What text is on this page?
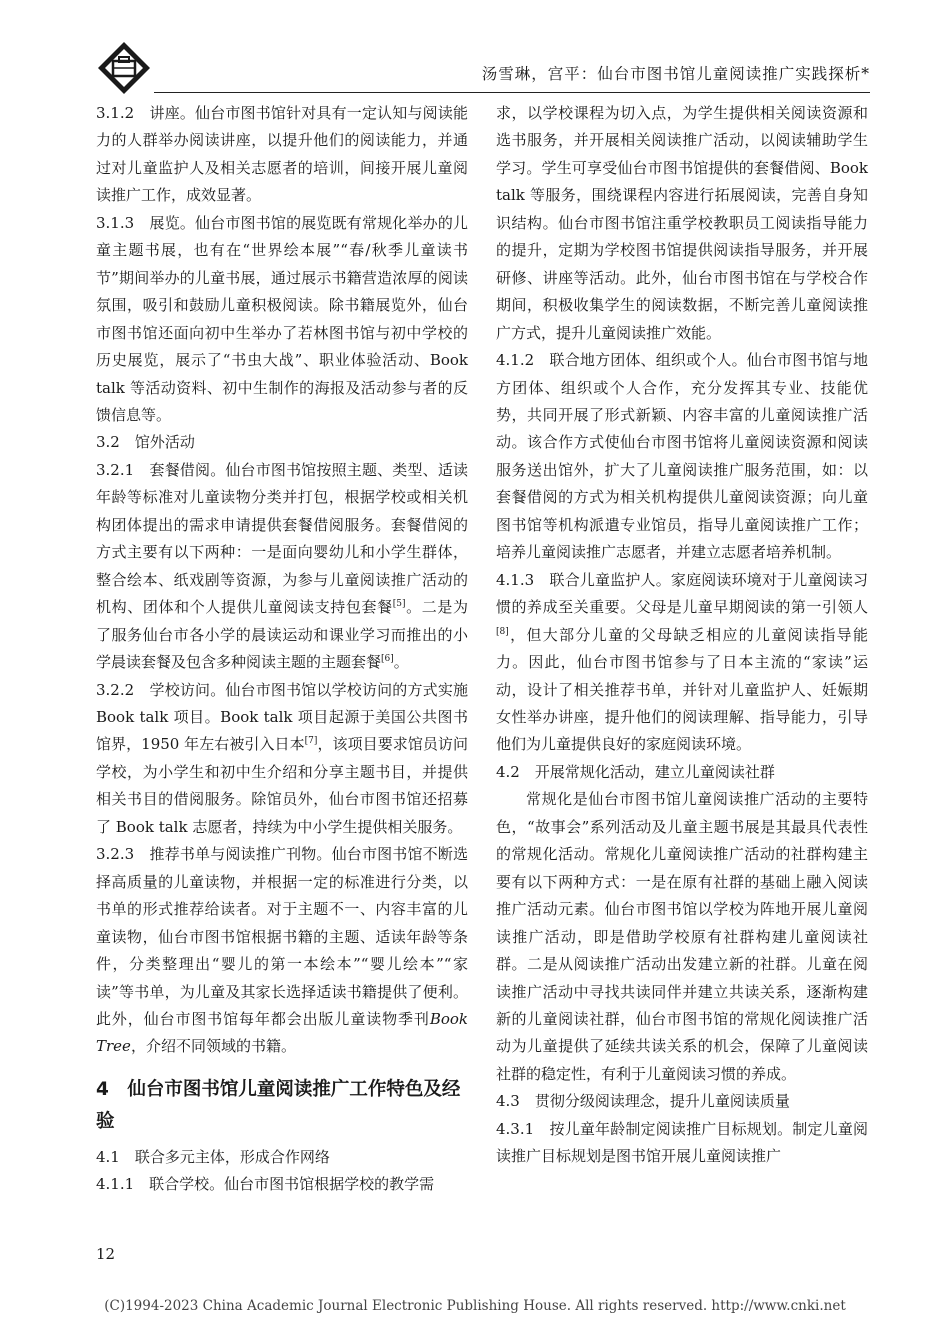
汤雪琳，宫平：仙台市图书馆儿童阅读推广实践探析*

3.1.2　讲座。仙台市图书馆针对具有一定认知与阅读能力的人群举办阅读讲座，以提升他们的阅读能力，并通过对儿童监护人及相关志愿者的培训，间接开展儿童阅读推广工作，成效显著。

3.1.3　展览。仙台市图书馆的展览既有常规化举办的儿童主题书展，也有在“世界绘本展”“春/秋季儿童读书节”期间举办的儿童书展，通过展示书籍营造浓厚的阅读氛围，吸引和鼓励儿童积极阅读。除书籍展览外，仙台市图书馆还面向初中生举办了若林图书馆与初中学校的历史展览，展示了“书虫大战”、职业体验活动、Book talk 等活动资料、初中生制作的海报及活动参与者的反馈信息等。

3.2　馆外活动

3.2.1　套餐借阅。仙台市图书馆按照主题、类型、适读年龄等标准对儿童读物分类并打包，根据学校或相关机构团体提出的需求申请提供套餐借阅服务。套餐借阅的方式主要有以下两种：一是面向婴幼儿和小学生群体，整合绘本、纸戏剧等资源，为参与儿童阅读推广活动的机构、团体和个人提供儿童阅读支持包套餐[5]。二是为了服务仙台市各小学的晨读运动和课业学习而推出的小学晨读套餐及包含多种阅读主题的主题套餐[6]。

3.2.2　学校访问。仙台市图书馆以学校访问的方式实施 Book talk 项目。Book talk 项目起源于美国公共图书馆界，1950 年左右被引入日本[7]，该项目要求馆员访问学校，为小学生和初中生介绍和分享主题书目，并提供相关书目的借阅服务。除馆员外，仙台市图书馆还招募了 Book talk 志愿者，持续为中小学生提供相关服务。

3.2.3　推荐书单与阅读推广刊物。仙台市图书馆不断选择高质量的儿童读物，并根据一定的标准进行分类，以书单的形式推荐给读者。对于主题不一、内容丰富的儿童读物，仙台市图书馆根据书籍的主题、适读年龄等条件，分类整理出“婴儿的第一本绘本”“婴儿绘本”“家读”等书单，为儿童及其家长选择适读书籍提供了便利。此外，仙台市图书馆每年都会出版儿童读物季刊Book Tree，介绍不同领域的书籍。

4　仙台市图书馆儿童阅读推广工作特色及经验

4.1　联合多元主体，形成合作网络

4.1.1　联合学校。仙台市图书馆根据学校的教学需

求，以学校课程为切入点，为学生提供相关阅读资源和选书服务，并开展相关阅读推广活动，以阅读辅助学生学习。学生可享受仙台市图书馆提供的套餐借阅、Book talk 等服务，围绕课程内容进行拓展阅读，完善自身知识结构。仙台市图书馆注重学校教职员工阅读指导能力的提升，定期为学校图书馆提供阅读指导服务，并开展研修、讲座等活动。此外，仙台市图书馆在与学校合作期间，积极收集学生的阅读数据，不断完善儿童阅读推广方式，提升儿童阅读推广效能。

4.1.2　联合地方团体、组织或个人。仙台市图书馆与地方团体、组织或个人合作，充分发挥其专业、技能优势，共同开展了形式新颖、内容丰富的儿童阅读推广活动。该合作方式使仙台市图书馆将儿童阅读资源和阅读服务送出馆外，扩大了儿童阅读推广服务范围，如：以套餐借阅的方式为相关机构提供儿童阅读资源；向儿童图书馆等机构派遣专业馆员，指导儿童阅读推广工作；培养儿童阅读推广志愿者，并建立志愿者培养机制。

4.1.3　联合儿童监护人。家庭阅读环境对于儿童阅读习惯的养成至关重要。父母是儿童早期阅读的第一引领人[8]，但大部分儿童的父母缺乏相应的儿童阅读指导能力。因此，仙台市图书馆参与了日本主流的“家读”运动，设计了相关推荐书单，并针对儿童监护人、妊娠期女性举办讲座，提升他们的阅读理解、指导能力，引导他们为儿童提供良好的家庭阅读环境。

4.2　开展常规化活动，建立儿童阅读社群

常规化是仙台市图书馆儿童阅读推广活动的主要特色，“故事会”系列活动及儿童主题书展是其最具代表性的常规化活动。常规化儿童阅读推广活动的社群构建主要有以下两种方式：一是在原有社群的基础上融入阅读推广活动元素。仙台市图书馆以学校为阵地开展儿童阅读推广活动，即是借助学校原有社群构建儿童阅读社群。二是从阅读推广活动出发建立新的社群。儿童在阅读推广活动中寻找共读同伴并建立共读关系，逐渐构建新的儿童阅读社群，仙台市图书馆的常规化阅读推广活动为儿童提供了延续共读关系的机会，保障了儿童阅读社群的稳定性，有利于儿童阅读习惯的养成。

4.3　贯彻分级阅读理念，提升儿童阅读质量

4.3.1　按儿童年龄制定阅读推广目标规划。制定儿童阅读推广目标规划是图书馆开展儿童阅读推广

12
(C)1994-2023 China Academic Journal Electronic Publishing House. All rights reserved. http://www.cnki.net
